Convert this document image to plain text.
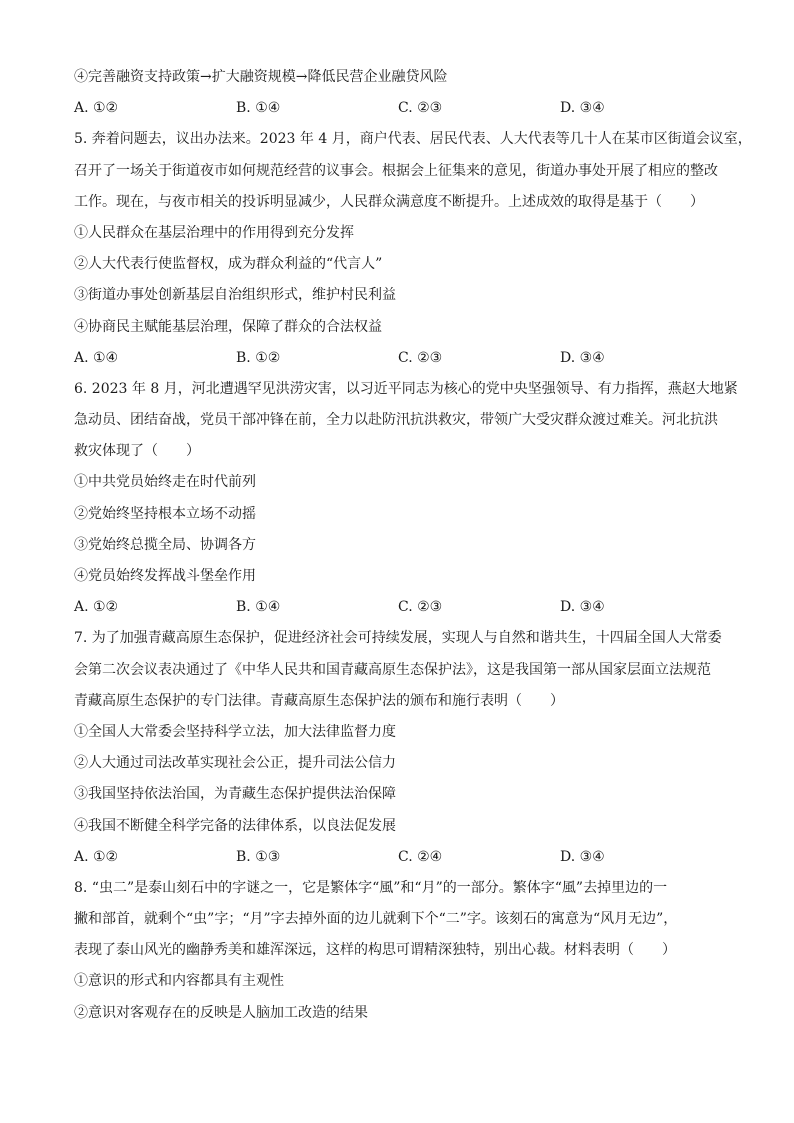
④完善融资支持政策→扩大融资规模→降低民营企业融贷风险

A. ①②	B. ①④	C. ②③	D. ③④

5. 奔着问题去，议出办法来。2023 年 4 月，商户代表、居民代表、人大代表等几十人在某市区街道会议室，

召开了一场关于街道夜市如何规范经营的议事会。根据会上征集来的意见，街道办事处开展了相应的整改

工作。现在，与夜市相关的投诉明显减少，人民群众满意度不断提升。上述成效的取得是基于（　　）

①人民群众在基层治理中的作用得到充分发挥

②人大代表行使监督权，成为群众利益的“代言人”

③街道办事处创新基层自治组织形式，维护村民利益

④协商民主赋能基层治理，保障了群众的合法权益

A. ①④	B. ①②	C. ②③	D. ③④

6. 2023 年 8 月，河北遭遇罕见洪涝灾害，以习近平同志为核心的党中央坚强领导、有力指挥，燕赵大地紧

急动员、团结奋战，党员干部冲锋在前，全力以赴防汛抗洪救灾，带领广大受灾群众渡过难关。河北抗洪

救灾体现了（　　）

①中共党员始终走在时代前列

②党始终坚持根本立场不动摇

③党始终总揽全局、协调各方

④党员始终发挥战斗堡垒作用

A. ①②	B. ①④	C. ②③	D. ③④

7. 为了加强青藏高原生态保护，促进经济社会可持续发展，实现人与自然和谐共生，十四届全国人大常委

会第二次会议表决通过了《中华人民共和国青藏高原生态保护法》，这是我国第一部从国家层面立法规范

青藏高原生态保护的专门法律。青藏高原生态保护法的颁布和施行表明（　　）

①全国人大常委会坚持科学立法，加大法律监督力度

②人大通过司法改革实现社会公正，提升司法公信力

③我国坚持依法治国，为青藏生态保护提供法治保障

④我国不断健全科学完备的法律体系，以良法促发展

A. ①②	B. ①③	C. ②④	D. ③④

8. “虫二”是泰山刻石中的字谜之一，它是繁体字“風”和“月”的一部分。繁体字“風”去掉里边的一

撇和部首，就剩个“虫”字；“月”字去掉外面的边儿就剩下个“二”字。该刻石的寓意为“风月无边”，

表现了泰山风光的幽静秀美和雄浑深远，这样的构思可谓精深独特，别出心裁。材料表明（　　）

①意识的形式和内容都具有主观性

②意识对客观存在的反映是人脑加工改造的结果
